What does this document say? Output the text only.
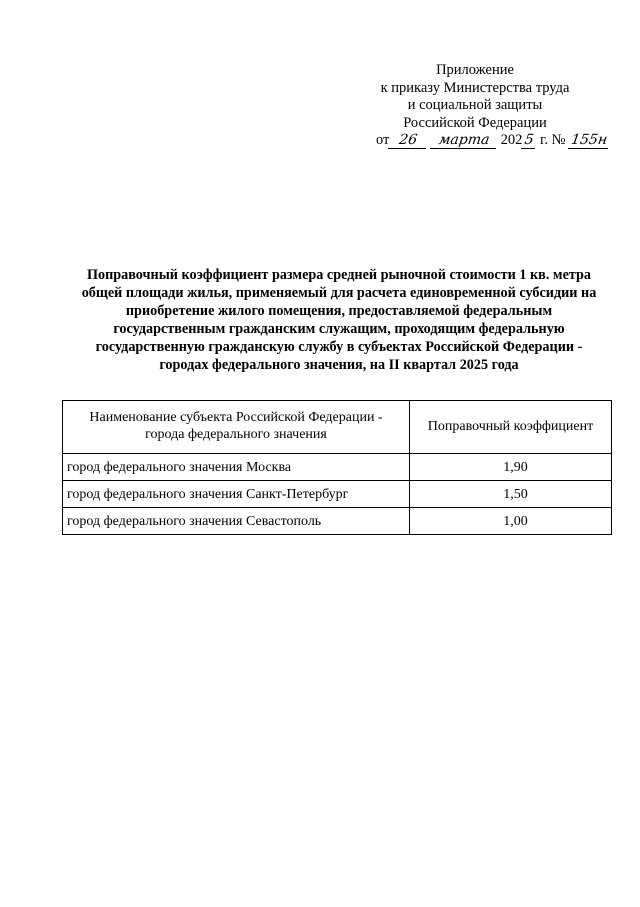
Приложение
к приказу Министерства труда
и социальной защиты
Российской Федерации
от 26 марта 202 5 г. № 155н
Поправочный коэффициент размера средней рыночной стоимости 1 кв. метра
общей площади жилья, применяемый для расчета единовременной субсидии на
приобретение жилого помещения, предоставляемой федеральным
государственным гражданским служащим, проходящим федеральную
государственную гражданскую службу в субъектах Российской Федерации -
городах федерального значения, на II квартал 2025 года
Наименование субъекта Российской Федерации -
города федерального значения	Поправочный коэффициент
город федерального значения Москва	1,90
город федерального значения Санкт-Петербург	1,50
город федерального значения Севастополь	1,00
